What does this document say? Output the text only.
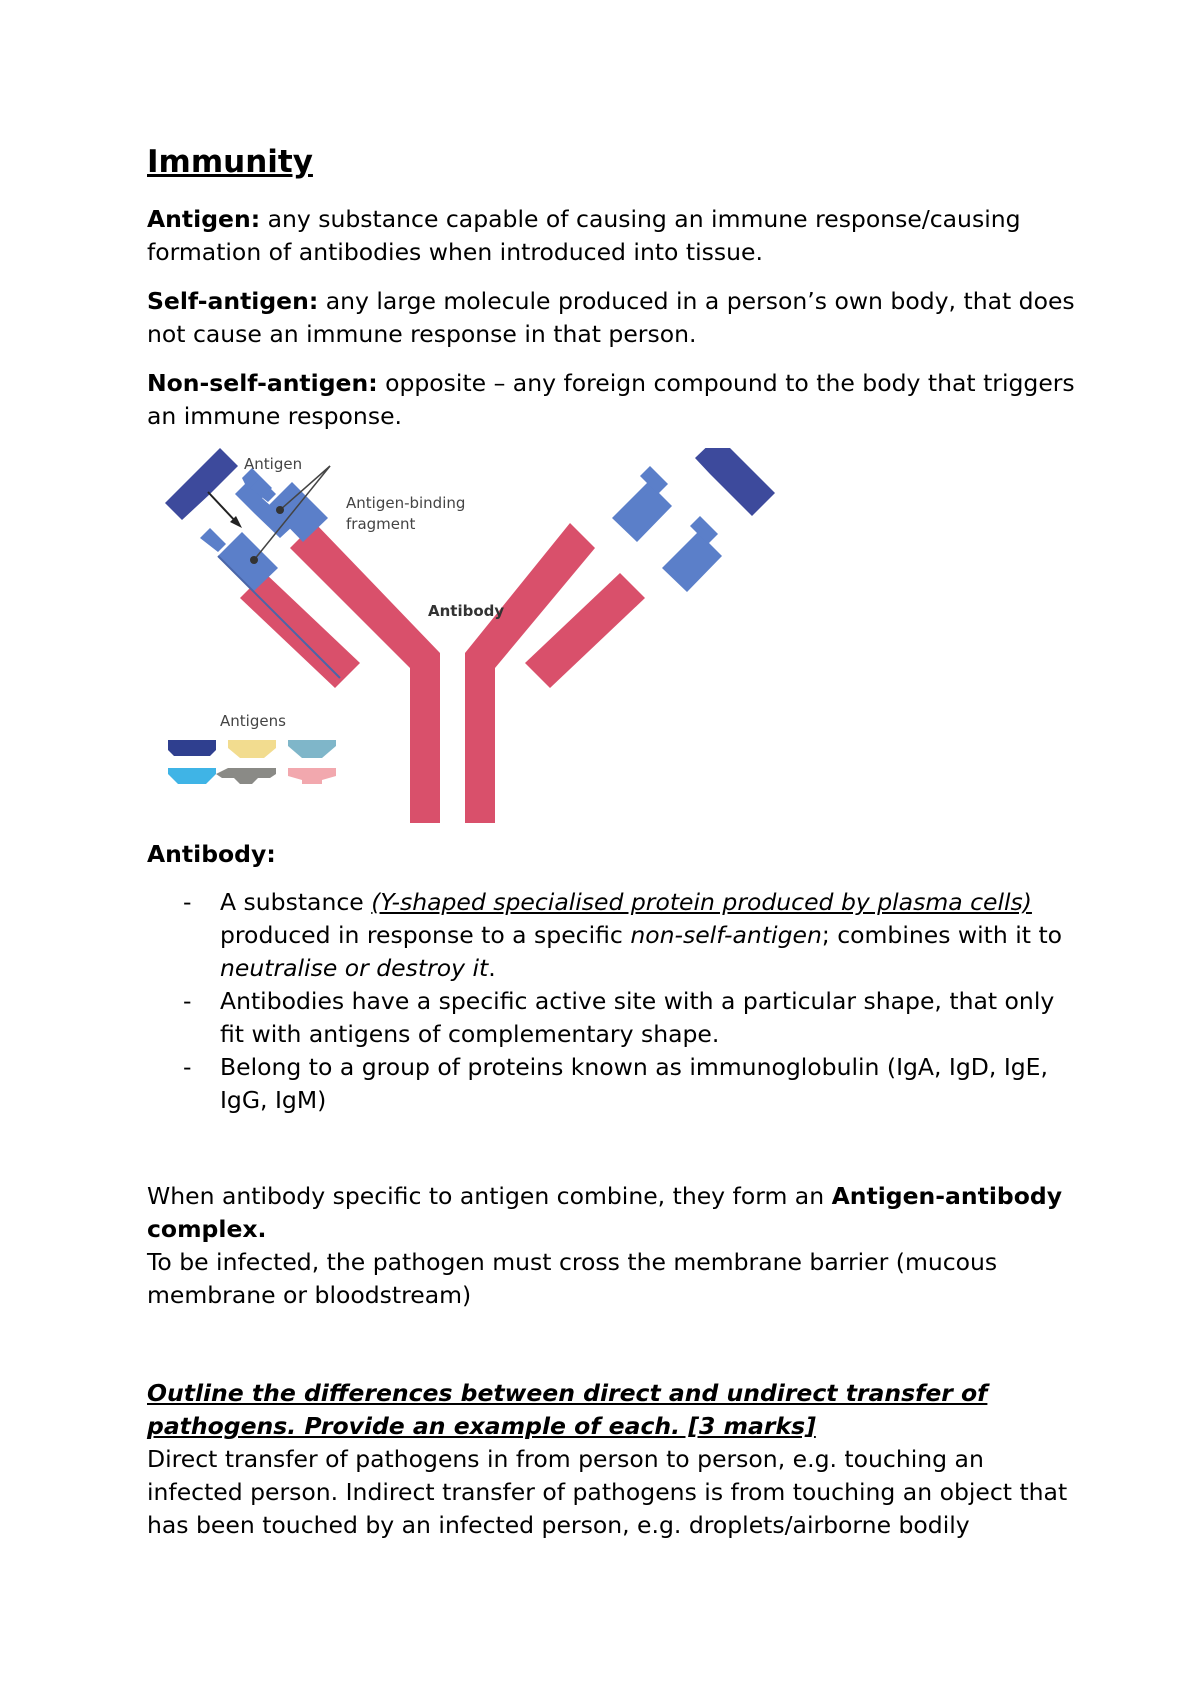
Immunity

Antigen: any substance capable of causing an immune response/causing formation of antibodies when introduced into tissue.

Self-antigen: any large molecule produced in a person’s own body, that does not cause an immune response in that person.

Non-self-antigen: opposite – any foreign compound to the body that triggers an immune response.

Antigen
Antigen-binding
fragment
Antibody
Antigens

Antibody:

- A substance (Y-shaped specialised protein produced by plasma cells) produced in response to a specific non-self-antigen; combines with it to neutralise or destroy it.
- Antibodies have a specific active site with a particular shape, that only fit with antigens of complementary shape.
- Belong to a group of proteins known as immunoglobulin (IgA, IgD, IgE, IgG, IgM)

When antibody specific to antigen combine, they form an Antigen-antibody complex.
To be infected, the pathogen must cross the membrane barrier (mucous membrane or bloodstream)

Outline the differences between direct and undirect transfer of pathogens. Provide an example of each. [3 marks]

Direct transfer of pathogens in from person to person, e.g. touching an infected person. Indirect transfer of pathogens is from touching an object that has been touched by an infected person, e.g. droplets/airborne bodily
